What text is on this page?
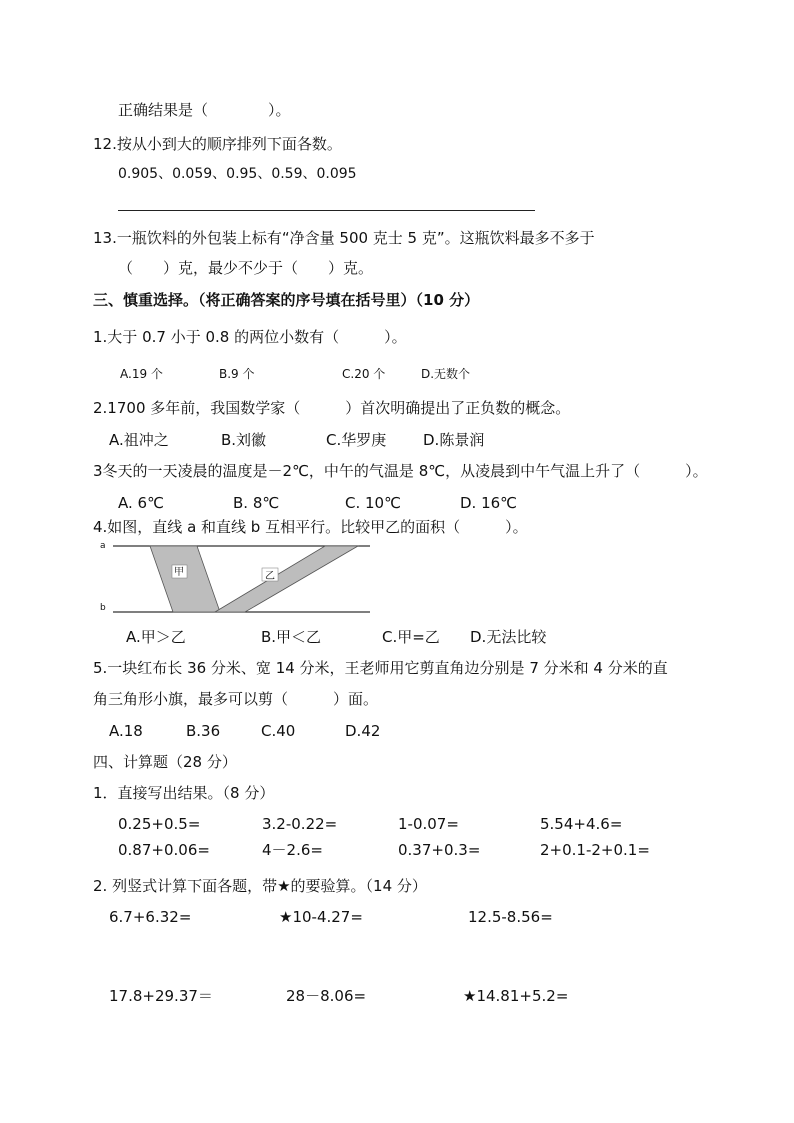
正确结果是（　　　　）。
12.按从小到大的顺序排列下面各数。
0.905、0.059、0.95、0.59、0.095
13.一瓶饮料的外包装上标有“净含量 500 克士 5 克”。这瓶饮料最多不多于
（　　）克，最少不少于（　　）克。
三、慎重选择。（将正确答案的序号填在括号里）（10 分）
1.大于 0.7 小于 0.8 的两位小数有（　　　）。
A.19 个	B.9 个	C.20 个	D.无数个
2.1700 多年前，我国数学家（　　　）首次明确提出了正负数的概念。
A.祖冲之	B.刘徽	C.华罗庚 D.陈景润
3冬天的一天凌晨的温度是－2℃，中午的气温是 8℃，从凌晨到中午气温上升了（　　　）。
A. 6℃	B. 8℃	C. 10℃	D. 16℃
4.如图，直线 a 和直线 b 互相平行。比较甲乙的面积（　　　）。
a
b
甲	乙
A.甲＞乙	B.甲＜乙	C.甲=乙 D.无法比较
5.一块红布长 36 分米、宽 14 分米，王老师用它剪直角边分别是 7 分米和 4 分米的直
角三角形小旗，最多可以剪（　　　）面。
A.18	B.36	C.40	D.42
四、计算题（28 分）
1．直接写出结果。（8 分）
0.25+0.5=	3.2-0.22=	1-0.07=	5.54+4.6=
0.87+0.06=	4－2.6=	0.37+0.3=	2+0.1-2+0.1=
2. 列竖式计算下面各题，带★的要验算。（14 分）
6.7+6.32=	★10-4.27=	12.5-8.56=
17.8+29.37＝	28－8.06=	★14.81+5.2=
